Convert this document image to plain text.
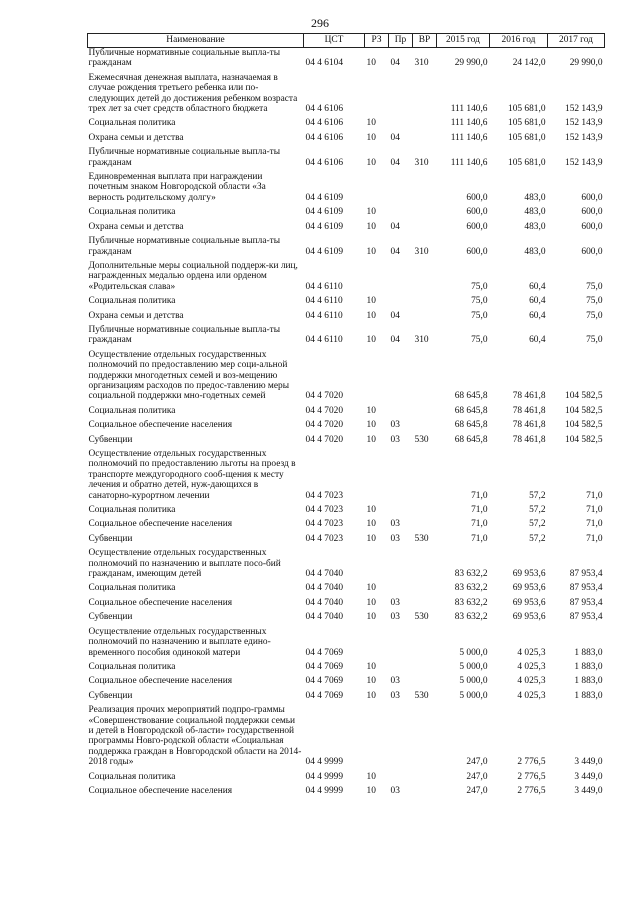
296
Наименование	ЦСТ	РЗ	Пр	ВР	2015 год	2016 год	2017 год
Публичные нормативные социальные выпла-ты гражданам	04 4 6104	10	04	310	29 990,0	24 142,0	29 990,0
Ежемесячная денежная выплата, назначаемая в случае рождения третьего ребенка или по-следующих детей до достижения ребенком возраста трех лет за счет средств областного бюджета	04 4 6106				111 140,6	105 681,0	152 143,9
Социальная политика	04 4 6106	10			111 140,6	105 681,0	152 143,9
Охрана семьи и детства	04 4 6106	10	04		111 140,6	105 681,0	152 143,9
Публичные нормативные социальные выпла-ты гражданам	04 4 6106	10	04	310	111 140,6	105 681,0	152 143,9
Единовременная выплата при награждении почетным знаком Новгородской области «За верность родительскому долгу»	04 4 6109				600,0	483,0	600,0
Социальная политика	04 4 6109	10			600,0	483,0	600,0
Охрана семьи и детства	04 4 6109	10	04		600,0	483,0	600,0
Публичные нормативные социальные выпла-ты гражданам	04 4 6109	10	04	310	600,0	483,0	600,0
Дополнительные меры социальной поддерж-ки лиц, награжденных медалью ордена или орденом «Родительская слава»	04 4 6110				75,0	60,4	75,0
Социальная политика	04 4 6110	10			75,0	60,4	75,0
Охрана семьи и детства	04 4 6110	10	04		75,0	60,4	75,0
Публичные нормативные социальные выпла-ты гражданам	04 4 6110	10	04	310	75,0	60,4	75,0
Осуществление отдельных государственных полномочий по предоставлению мер соци-альной поддержки многодетных семей и воз-мещению организациям расходов по предос-тавлению меры социальной поддержки мно-годетных семей	04 4 7020				68 645,8	78 461,8	104 582,5
Социальная политика	04 4 7020	10			68 645,8	78 461,8	104 582,5
Социальное обеспечение населения	04 4 7020	10	03		68 645,8	78 461,8	104 582,5
Субвенции	04 4 7020	10	03	530	68 645,8	78 461,8	104 582,5
Осуществление отдельных государственных полномочий по предоставлению льготы на проезд в транспорте междугородного сооб-щения к месту лечения и обратно детей, нуж-дающихся в санаторно-курортном лечении	04 4 7023				71,0	57,2	71,0
Социальная политика	04 4 7023	10			71,0	57,2	71,0
Социальное обеспечение населения	04 4 7023	10	03		71,0	57,2	71,0
Субвенции	04 4 7023	10	03	530	71,0	57,2	71,0
Осуществление отдельных государственных полномочий по назначению и выплате посо-бий гражданам, имеющим детей	04 4 7040				83 632,2	69 953,6	87 953,4
Социальная политика	04 4 7040	10			83 632,2	69 953,6	87 953,4
Социальное обеспечение населения	04 4 7040	10	03		83 632,2	69 953,6	87 953,4
Субвенции	04 4 7040	10	03	530	83 632,2	69 953,6	87 953,4
Осуществление отдельных государственных полномочий по назначению и выплате едино-временного пособия одинокой матери	04 4 7069				5 000,0	4 025,3	1 883,0
Социальная политика	04 4 7069	10			5 000,0	4 025,3	1 883,0
Социальное обеспечение населения	04 4 7069	10	03		5 000,0	4 025,3	1 883,0
Субвенции	04 4 7069	10	03	530	5 000,0	4 025,3	1 883,0
Реализация прочих мероприятий подпро-граммы «Совершенствование социальной поддержки семьи и детей в Новгородской об-ласти» государственной программы Новго-родской области «Социальная поддержка граждан в Новгородской области на 2014-2018 годы»	04 4 9999				247,0	2 776,5	3 449,0
Социальная политика	04 4 9999	10			247,0	2 776,5	3 449,0
Социальное обеспечение населения	04 4 9999	10	03		247,0	2 776,5	3 449,0
